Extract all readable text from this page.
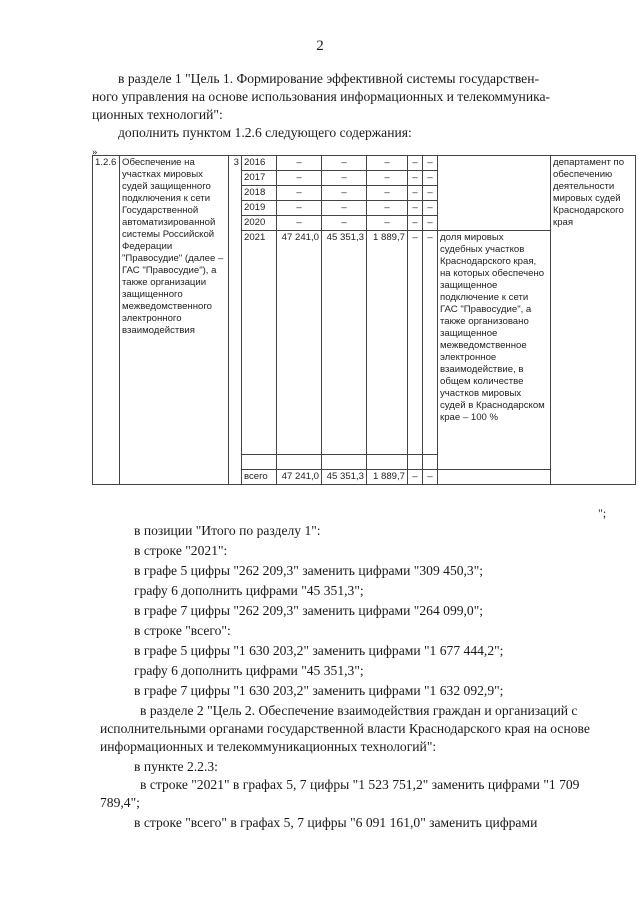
2

в разделе 1 "Цель 1. Формирование эффективной системы государствен-

ного управления на основе использования информационных и телекоммуника-

ционных технологий":

дополнить пунктом 1.2.6 следующего содержания:

»
1.2.6	Обеспечение на участках мировых судей защищенного подключения к сети Государственной автоматизированной системы Российской Федерации "Правосудие" (далее – ГАС "Правосудие"), а также организации защищенного межведомственного электронного взаимодействия	3	2016	–	–	–	–	–		департамент по обеспечению деятельности мировых судей Краснодарского края
			2017	–	–	–	–	–		
			2018	–	–	–	–	–		
			2019	–	–	–	–	–		
			2020	–	–	–	–	–		
			2021	47 241,0	45 351,3	1 889,7	–	–	доля мировых судебных участков Краснодарского края, на которых обеспечено защищенное подключение к сети ГАС "Правосудие", а также организовано защищенное межведомственное электронное взаимодействие, в общем количестве участков мировых судей в Краснодарском крае – 100 %	

			всего	47 241,0	45 351,3	1 889,7	–	–		
";

в позиции "Итого по разделу 1":

в строке "2021":

в графе 5 цифры "262 209,3" заменить цифрами "309 450,3";

графу 6 дополнить цифрами "45 351,3";

в графе 7 цифры "262 209,3" заменить цифрами "264 099,0";

в строке "всего":

в графе 5 цифры "1 630 203,2" заменить цифрами "1 677 444,2";

графу 6 дополнить цифрами "45 351,3";

в графе 7 цифры "1 630 203,2" заменить цифрами "1 632 092,9";

в разделе 2 "Цель 2. Обеспечение взаимодействия граждан и организаций с исполнительными органами государственной власти Краснодарского края на основе информационных и телекоммуникационных технологий":

в пункте 2.2.3:

в строке "2021" в графах 5, 7 цифры "1 523 751,2" заменить цифрами "1 709 789,4";

в строке "всего" в графах 5, 7 цифры "6 091 161,0" заменить цифрами
